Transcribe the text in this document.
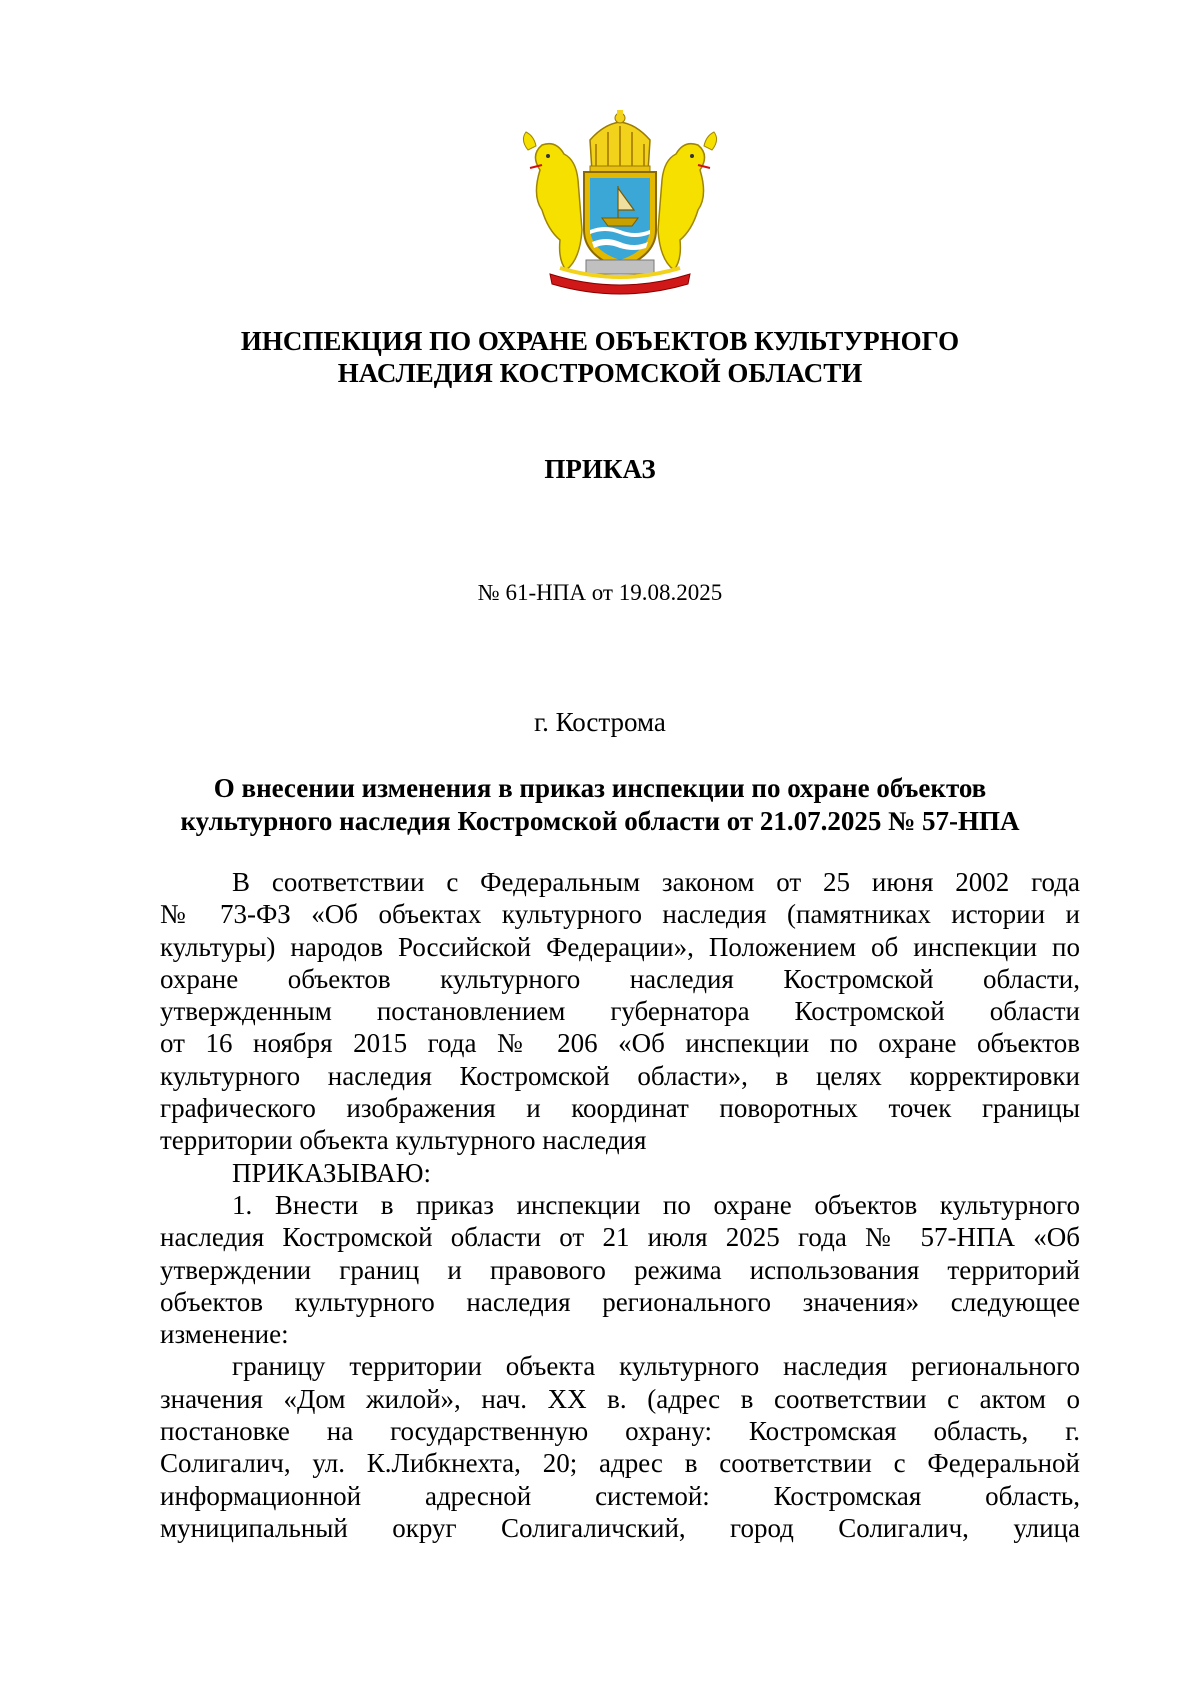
ИНСПЕКЦИЯ ПО ОХРАНЕ ОБЪЕКТОВ КУЛЬТУРНОГО
НАСЛЕДИЯ КОСТРОМСКОЙ ОБЛАСТИ
ПРИКАЗ
№ 61-НПА от 19.08.2025
г. Кострома
О внесении изменения в приказ инспекции по охране объектов
культурного наследия Костромской области от 21.07.2025 № 57-НПА
В соответствии с Федеральным законом от 25 июня 2002 года
№ 73-ФЗ «Об объектах культурного наследия (памятниках истории и
культуры) народов Российской Федерации», Положением об инспекции по
охране объектов культурного наследия Костромской области,
утвержденным постановлением губернатора Костромской области
от 16 ноября 2015 года № 206 «Об инспекции по охране объектов
культурного наследия Костромской области», в целях корректировки
графического изображения и координат поворотных точек границы
территории объекта культурного наследия
ПРИКАЗЫВАЮ:
1. Внести в приказ инспекции по охране объектов культурного
наследия Костромской области от 21 июля 2025 года № 57-НПА «Об
утверждении границ и правового режима использования территорий
объектов культурного наследия регионального значения» следующее
изменение:
границу территории объекта культурного наследия регионального
значения «Дом жилой», нач. XX в. (адрес в соответствии с актом о
постановке на государственную охрану: Костромская область, г.
Солигалич, ул. К.Либкнехта, 20; адрес в соответствии с Федеральной
информационной адресной системой: Костромская область,
муниципальный округ Солигаличский, город Солигалич, улица
